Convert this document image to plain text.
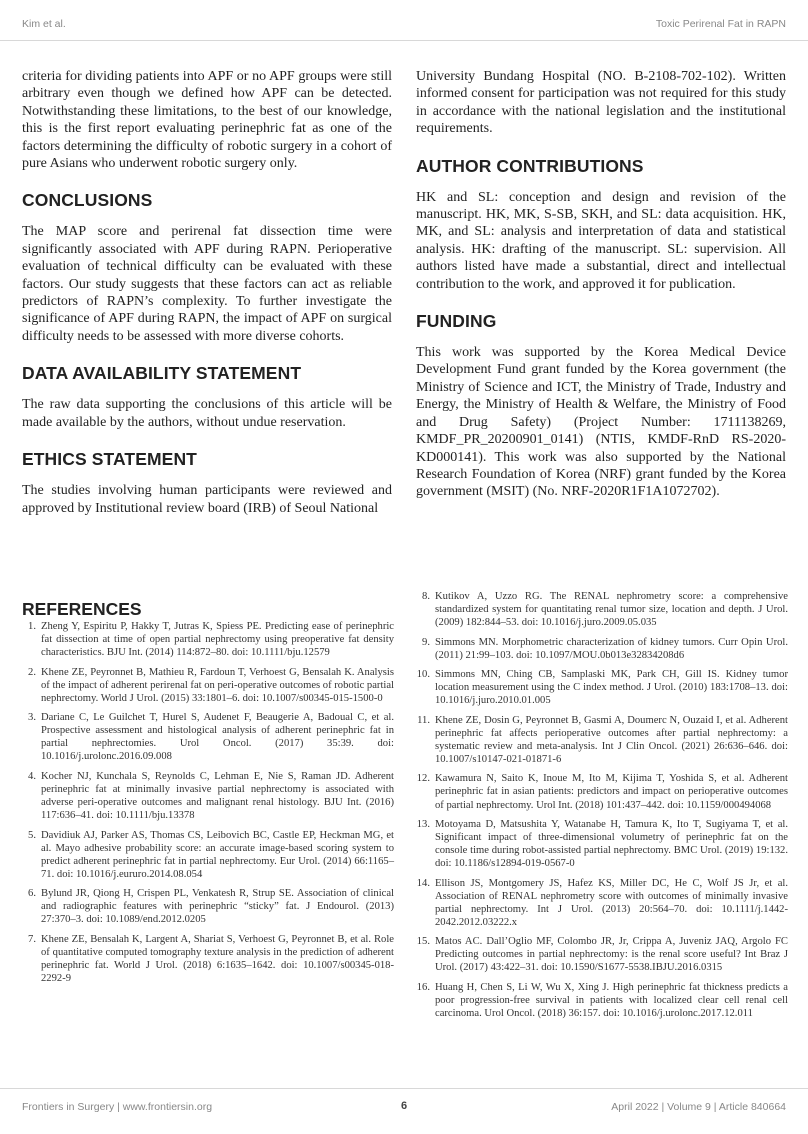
Kim et al.	Toxic Perirenal Fat in RAPN

criteria for dividing patients into APF or no APF groups were still arbitrary even though we defined how APF can be detected. Notwithstanding these limitations, to the best of our knowledge, this is the first report evaluating perinephric fat as one of the factors determining the difficulty of robotic surgery in a cohort of pure Asians who underwent robotic surgery only.

CONCLUSIONS

The MAP score and perirenal fat dissection time were significantly associated with APF during RAPN. Perioperative evaluation of technical difficulty can be evaluated with these factors. Our study suggests that these factors can act as reliable predictors of RAPN’s complexity. To further investigate the significance of APF during RAPN, the impact of APF on surgical difficulty needs to be assessed with more diverse cohorts.

DATA AVAILABILITY STATEMENT

The raw data supporting the conclusions of this article will be made available by the authors, without undue reservation.

ETHICS STATEMENT

The studies involving human participants were reviewed and approved by Institutional review board (IRB) of Seoul National

University Bundang Hospital (NO. B-2108-702-102). Written informed consent for participation was not required for this study in accordance with the national legislation and the institutional requirements.

AUTHOR CONTRIBUTIONS

HK and SL: conception and design and revision of the manuscript. HK, MK, S-SB, SKH, and SL: data acquisition. HK, MK, and SL: analysis and interpretation of data and statistical analysis. HK: drafting of the manuscript. SL: supervision. All authors listed have made a substantial, direct and intellectual contribution to the work, and approved it for publication.

FUNDING

This work was supported by the Korea Medical Device Development Fund grant funded by the Korea government (the Ministry of Science and ICT, the Ministry of Trade, Industry and Energy, the Ministry of Health & Welfare, the Ministry of Food and Drug Safety) (Project Number: 1711138269, KMDF_PR_20200901_0141) (NTIS, KMDF-RnD RS-2020-KD000141). This work was also supported by the National Research Foundation of Korea (NRF) grant funded by the Korea government (MSIT) (No. NRF-2020R1F1A1072702).

REFERENCES
1. Zheng Y, Espiritu P, Hakky T, Jutras K, Spiess PE. Predicting ease of perinephric fat dissection at time of open partial nephrectomy using preoperative fat density characteristics. BJU Int. (2014) 114:872–80. doi: 10.1111/bju.12579
2. Khene ZE, Peyronnet B, Mathieu R, Fardoun T, Verhoest G, Bensalah K. Analysis of the impact of adherent perirenal fat on peri-operative outcomes of robotic partial nephrectomy. World J Urol. (2015) 33:1801–6. doi: 10.1007/s00345-015-1500-0
3. Dariane C, Le Guilchet T, Hurel S, Audenet F, Beaugerie A, Badoual C, et al. Prospective assessment and histological analysis of adherent perinephric fat in partial nephrectomies. Urol Oncol. (2017) 35:39. doi: 10.1016/j.urolonc.2016.09.008
4. Kocher NJ, Kunchala S, Reynolds C, Lehman E, Nie S, Raman JD. Adherent perinephric fat at minimally invasive partial nephrectomy is associated with adverse peri-operative outcomes and malignant renal histology. BJU Int. (2016) 117:636–41. doi: 10.1111/bju.13378
5. Davidiuk AJ, Parker AS, Thomas CS, Leibovich BC, Castle EP, Heckman MG, et al. Mayo adhesive probability score: an accurate image-based scoring system to predict adherent perinephric fat in partial nephrectomy. Eur Urol. (2014) 66:1165–71. doi: 10.1016/j.eururo.2014.08.054
6. Bylund JR, Qiong H, Crispen PL, Venkatesh R, Strup SE. Association of clinical and radiographic features with perinephric “sticky” fat. J Endourol. (2013) 27:370–3. doi: 10.1089/end.2012.0205
7. Khene ZE, Bensalah K, Largent A, Shariat S, Verhoest G, Peyronnet B, et al. Role of quantitative computed tomography texture analysis in the prediction of adherent perinephric fat. World J Urol. (2018) 6:1635–1642. doi: 10.1007/s00345-018-2292-9
8. Kutikov A, Uzzo RG. The RENAL nephrometry score: a comprehensive standardized system for quantitating renal tumor size, location and depth. J Urol. (2009) 182:844–53. doi: 10.1016/j.juro.2009.05.035
9. Simmons MN. Morphometric characterization of kidney tumors. Curr Opin Urol. (2011) 21:99–103. doi: 10.1097/MOU.0b013e32834208d6
10. Simmons MN, Ching CB, Samplaski MK, Park CH, Gill IS. Kidney tumor location measurement using the C index method. J Urol. (2010) 183:1708–13. doi: 10.1016/j.juro.2010.01.005
11. Khene ZE, Dosin G, Peyronnet B, Gasmi A, Doumerc N, Ouzaid I, et al. Adherent perinephric fat affects perioperative outcomes after partial nephrectomy: a systematic review and meta-analysis. Int J Clin Oncol. (2021) 26:636–646. doi: 10.1007/s10147-021-01871-6
12. Kawamura N, Saito K, Inoue M, Ito M, Kijima T, Yoshida S, et al. Adherent perinephric fat in asian patients: predictors and impact on perioperative outcomes of partial nephrectomy. Urol Int. (2018) 101:437–442. doi: 10.1159/000494068
13. Motoyama D, Matsushita Y, Watanabe H, Tamura K, Ito T, Sugiyama T, et al. Significant impact of three-dimensional volumetry of perinephric fat on the console time during robot-assisted partial nephrectomy. BMC Urol. (2019) 19:132. doi: 10.1186/s12894-019-0567-0
14. Ellison JS, Montgomery JS, Hafez KS, Miller DC, He C, Wolf JS Jr, et al. Association of RENAL nephrometry score with outcomes of minimally invasive partial nephrectomy. Int J Urol. (2013) 20:564–70. doi: 10.1111/j.1442-2042.2012.03222.x
15. Matos AC. Dall’Oglio MF, Colombo JR, Jr, Crippa A, Juveniz JAQ, Argolo FC Predicting outcomes in partial nephrectomy: is the renal score useful? Int Braz J Urol. (2017) 43:422–31. doi: 10.1590/S1677-5538.IBJU.2016.0315
16. Huang H, Chen S, Li W, Wu X, Xing J. High perinephric fat thickness predicts a poor progression-free survival in patients with localized clear cell renal cell carcinoma. Urol Oncol. (2018) 36:157. doi: 10.1016/j.urolonc.2017.12.011
Frontiers in Surgery | www.frontiersin.org	6	April 2022 | Volume 9 | Article 840664
